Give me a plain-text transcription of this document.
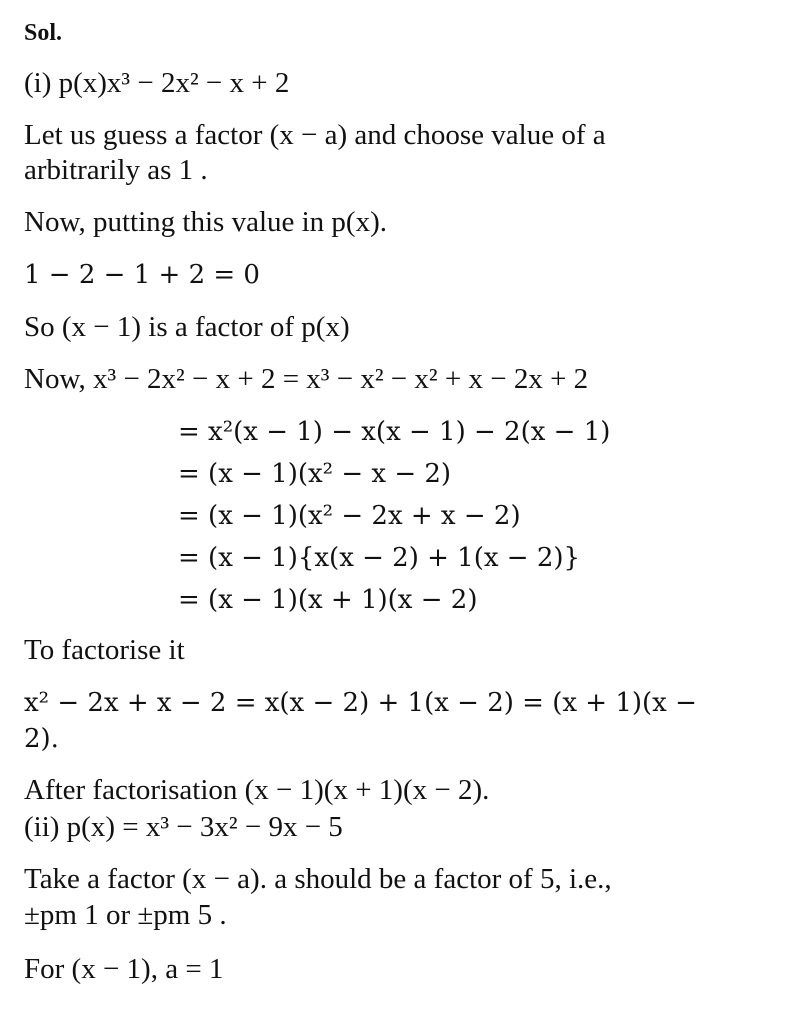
Sol.
(i) p(x)x³ − 2x² − x + 2
Let us guess a factor (x − a) and choose value of a
arbitrarily as 1 .
Now, putting this value in p(x).
1 − 2 − 1 + 2 = 0
So (x − 1) is a factor of p(x)
Now, x³ − 2x² − x + 2 = x³ − x² − x² + x − 2x + 2
= x²(x − 1) − x(x − 1) − 2(x − 1)
= (x − 1)(x² − x − 2)
= (x − 1)(x² − 2x + x − 2)
= (x − 1){x(x − 2) + 1(x − 2)}
= (x − 1)(x + 1)(x − 2)
To factorise it
x² − 2x + x − 2 = x(x − 2) + 1(x − 2) = (x + 1)(x −
2).
After factorisation (x − 1)(x + 1)(x − 2).
(ii) p(x) = x³ − 3x² − 9x − 5
Take a factor (x − a). a should be a factor of 5, i.e.,
±pm 1 or ±pm 5 .
For (x − 1), a = 1
